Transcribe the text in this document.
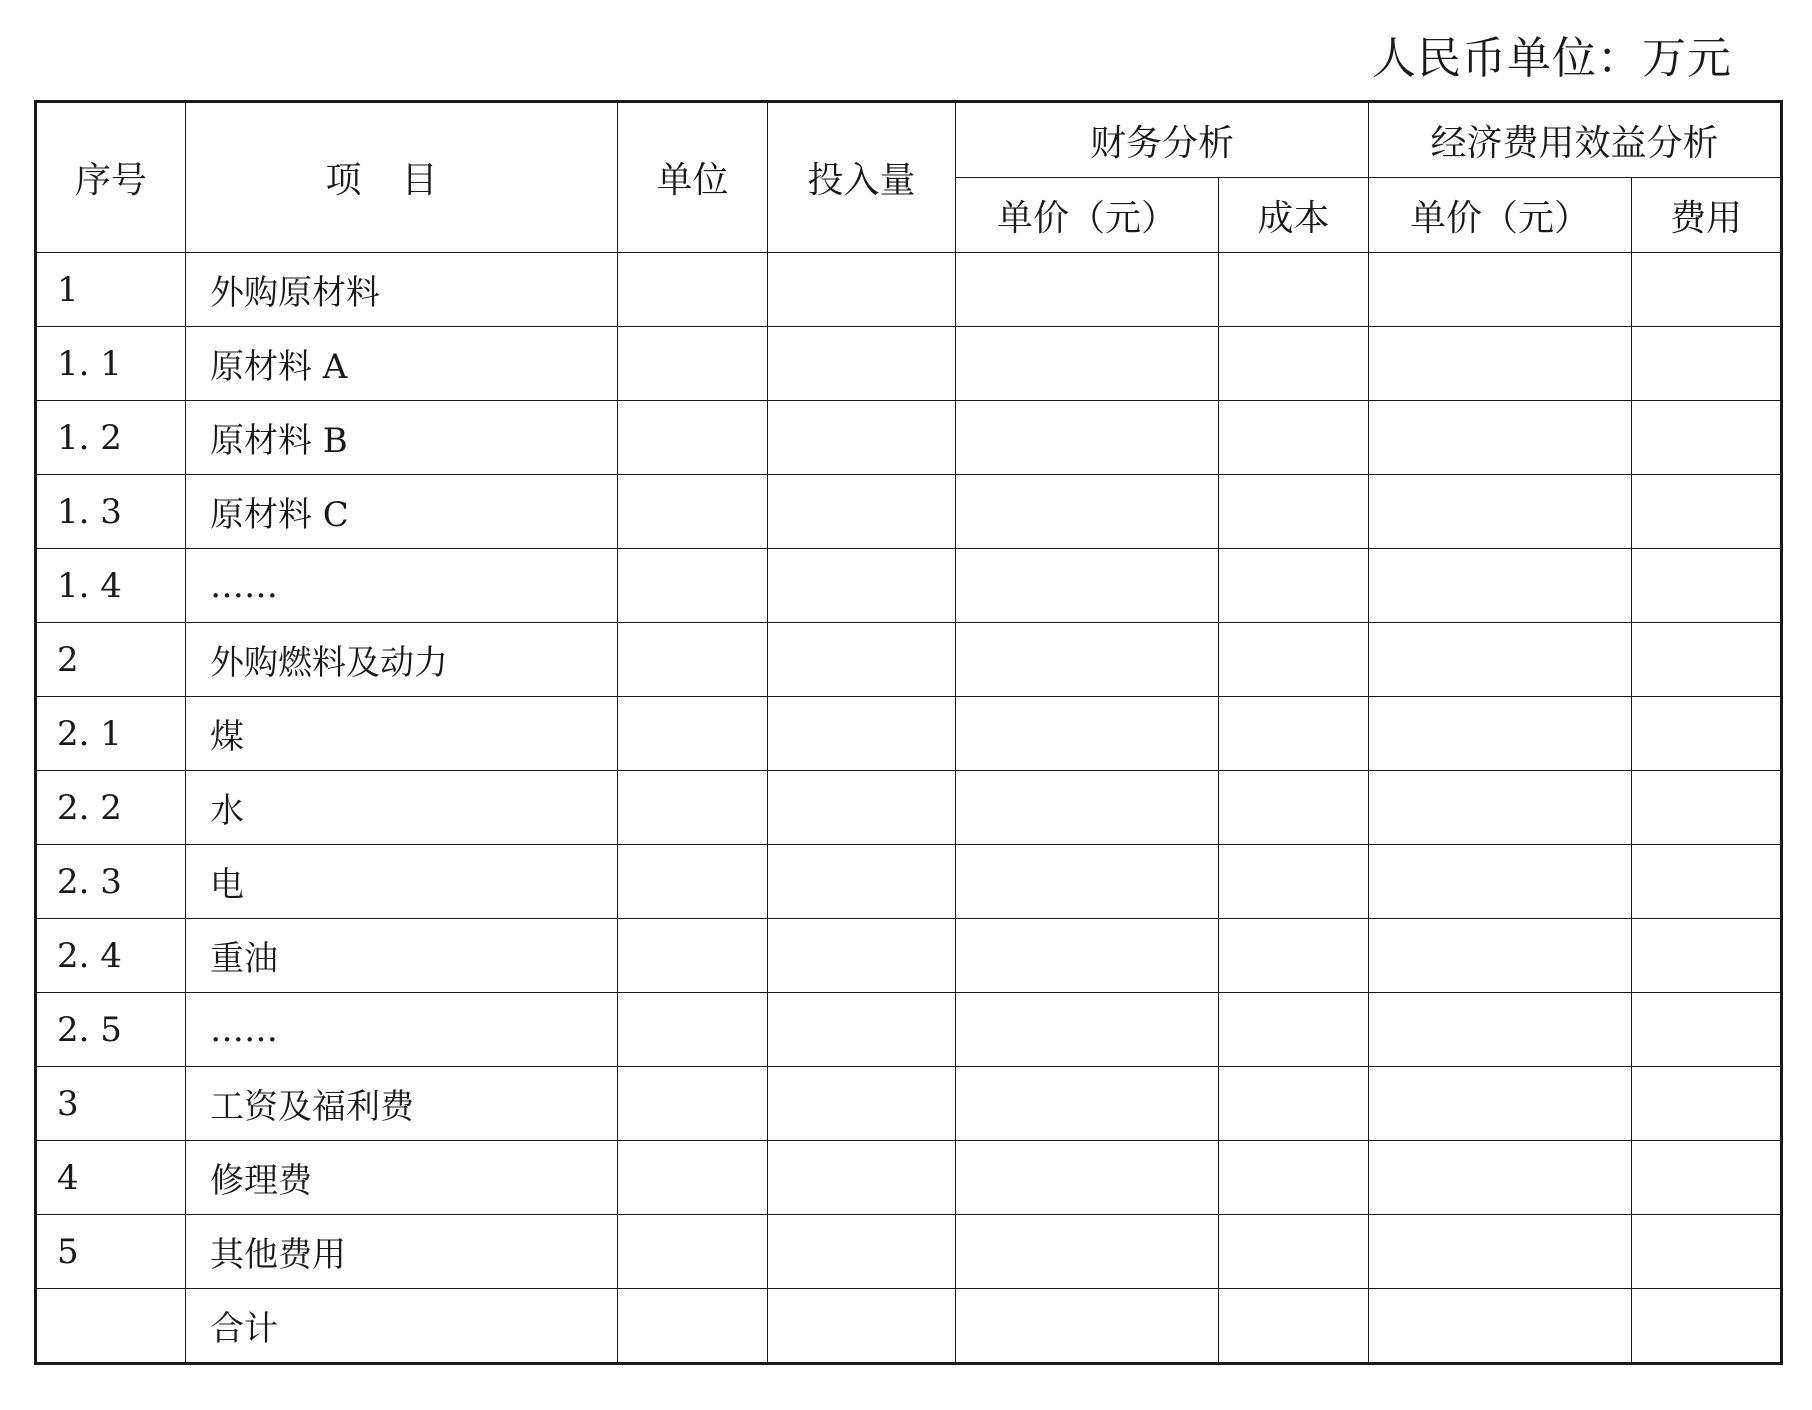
人民币单位：万元
序号	项目	单位	投入量	财务分析		经济费用效益分析	
				单价（元）	成本	单价（元）	费用
1	外购原材料						
1. 1	原材料 A						
1. 2	原材料 B						
1. 3	原材料 C						
1. 4	……						
2	外购燃料及动力						
2. 1	煤						
2. 2	水						
2. 3	电						
2. 4	重油						
2. 5	……						
3	工资及福利费						
4	修理费						
5	其他费用						
	合计						
